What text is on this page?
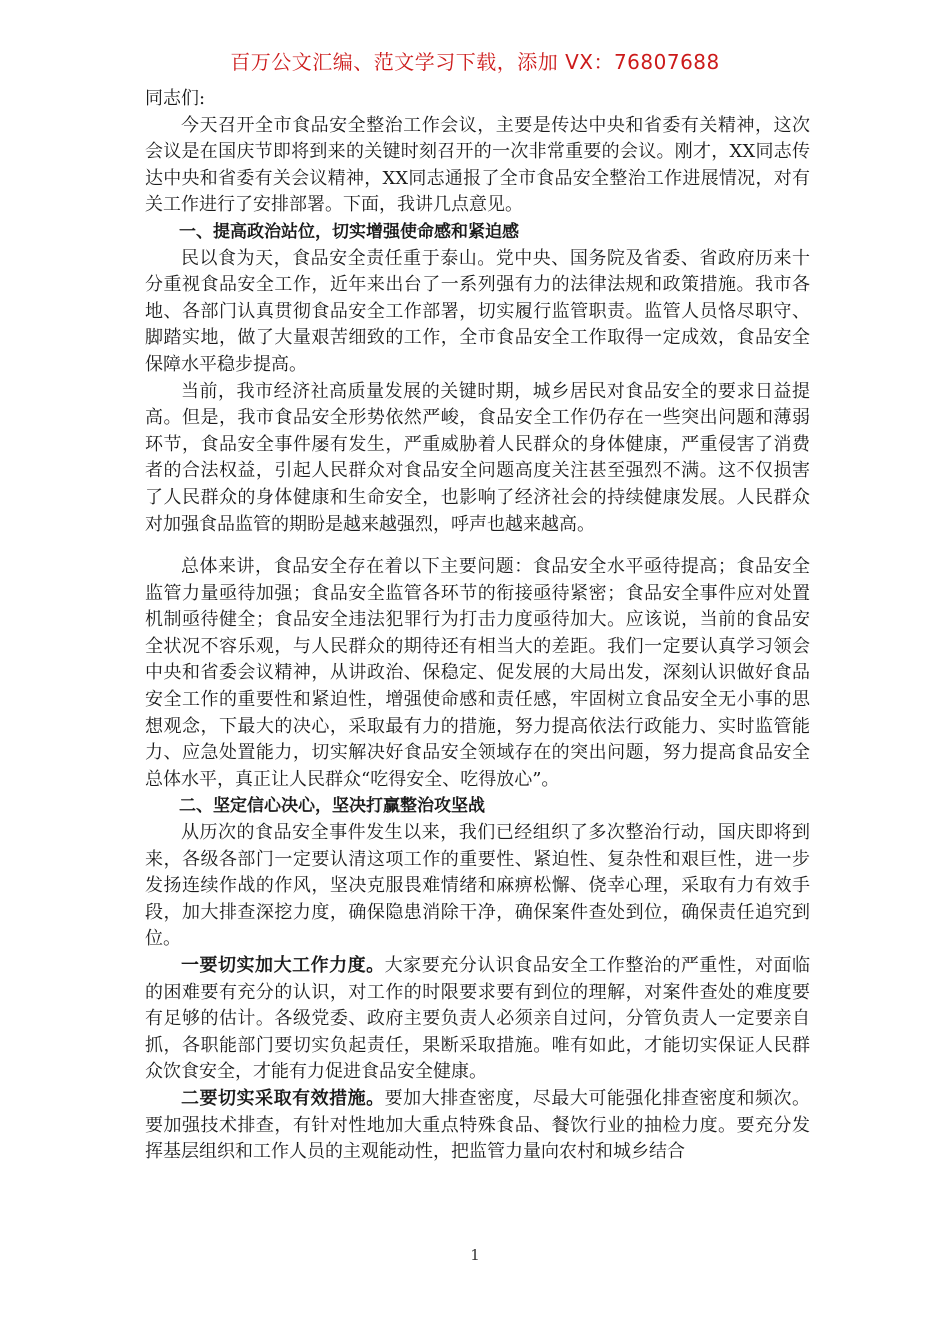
百万公文汇编、范文学习下载，添加 VX：76807688

同志们:

今天召开全市食品安全整治工作会议，主要是传达中央和省委有关精神，这次会议是在国庆节即将到来的关键时刻召开的一次非常重要的会议。刚才，XX同志传达中央和省委有关会议精神，XX同志通报了全市食品安全整治工作进展情况，对有关工作进行了安排部署。下面，我讲几点意见。

一、提高政治站位，切实增强使命感和紧迫感

民以食为天，食品安全责任重于泰山。党中央、国务院及省委、省政府历来十分重视食品安全工作，近年来出台了一系列强有力的法律法规和政策措施。我市各地、各部门认真贯彻食品安全工作部署，切实履行监管职责。监管人员恪尽职守、脚踏实地，做了大量艰苦细致的工作，全市食品安全工作取得一定成效，食品安全保障水平稳步提高。

当前，我市经济社高质量发展的关键时期，城乡居民对食品安全的要求日益提高。但是，我市食品安全形势依然严峻，食品安全工作仍存在一些突出问题和薄弱环节，食品安全事件屡有发生，严重威胁着人民群众的身体健康，严重侵害了消费者的合法权益，引起人民群众对食品安全问题高度关注甚至强烈不满。这不仅损害了人民群众的身体健康和生命安全，也影响了经济社会的持续健康发展。人民群众对加强食品监管的期盼是越来越强烈，呼声也越来越高。

总体来讲，食品安全存在着以下主要问题：食品安全水平亟待提高；食品安全监管力量亟待加强；食品安全监管各环节的衔接亟待紧密；食品安全事件应对处置机制亟待健全；食品安全违法犯罪行为打击力度亟待加大。应该说，当前的食品安全状况不容乐观，与人民群众的期待还有相当大的差距。我们一定要认真学习领会中央和省委会议精神，从讲政治、保稳定、促发展的大局出发，深刻认识做好食品安全工作的重要性和紧迫性，增强使命感和责任感，牢固树立食品安全无小事的思想观念，下最大的决心，采取最有力的措施，努力提高依法行政能力、实时监管能力、应急处置能力，切实解决好食品安全领域存在的突出问题，努力提高食品安全总体水平，真正让人民群众“吃得安全、吃得放心”。

二、坚定信心决心，坚决打赢整治攻坚战

从历次的食品安全事件发生以来，我们已经组织了多次整治行动，国庆即将到来，各级各部门一定要认清这项工作的重要性、紧迫性、复杂性和艰巨性，进一步发扬连续作战的作风，坚决克服畏难情绪和麻痹松懈、侥幸心理，采取有力有效手段，加大排查深挖力度，确保隐患消除干净，确保案件查处到位，确保责任追究到位。

一要切实加大工作力度。大家要充分认识食品安全工作整治的严重性，对面临的困难要有充分的认识，对工作的时限要求要有到位的理解，对案件查处的难度要有足够的估计。各级党委、政府主要负责人必须亲自过问，分管负责人一定要亲自抓，各职能部门要切实负起责任，果断采取措施。唯有如此，才能切实保证人民群众饮食安全，才能有力促进食品安全健康。

二要切实采取有效措施。要加大排查密度，尽最大可能强化排查密度和频次。要加强技术排查，有针对性地加大重点特殊食品、餐饮行业的抽检力度。要充分发挥基层组织和工作人员的主观能动性，把监管力量向农村和城乡结合

1
